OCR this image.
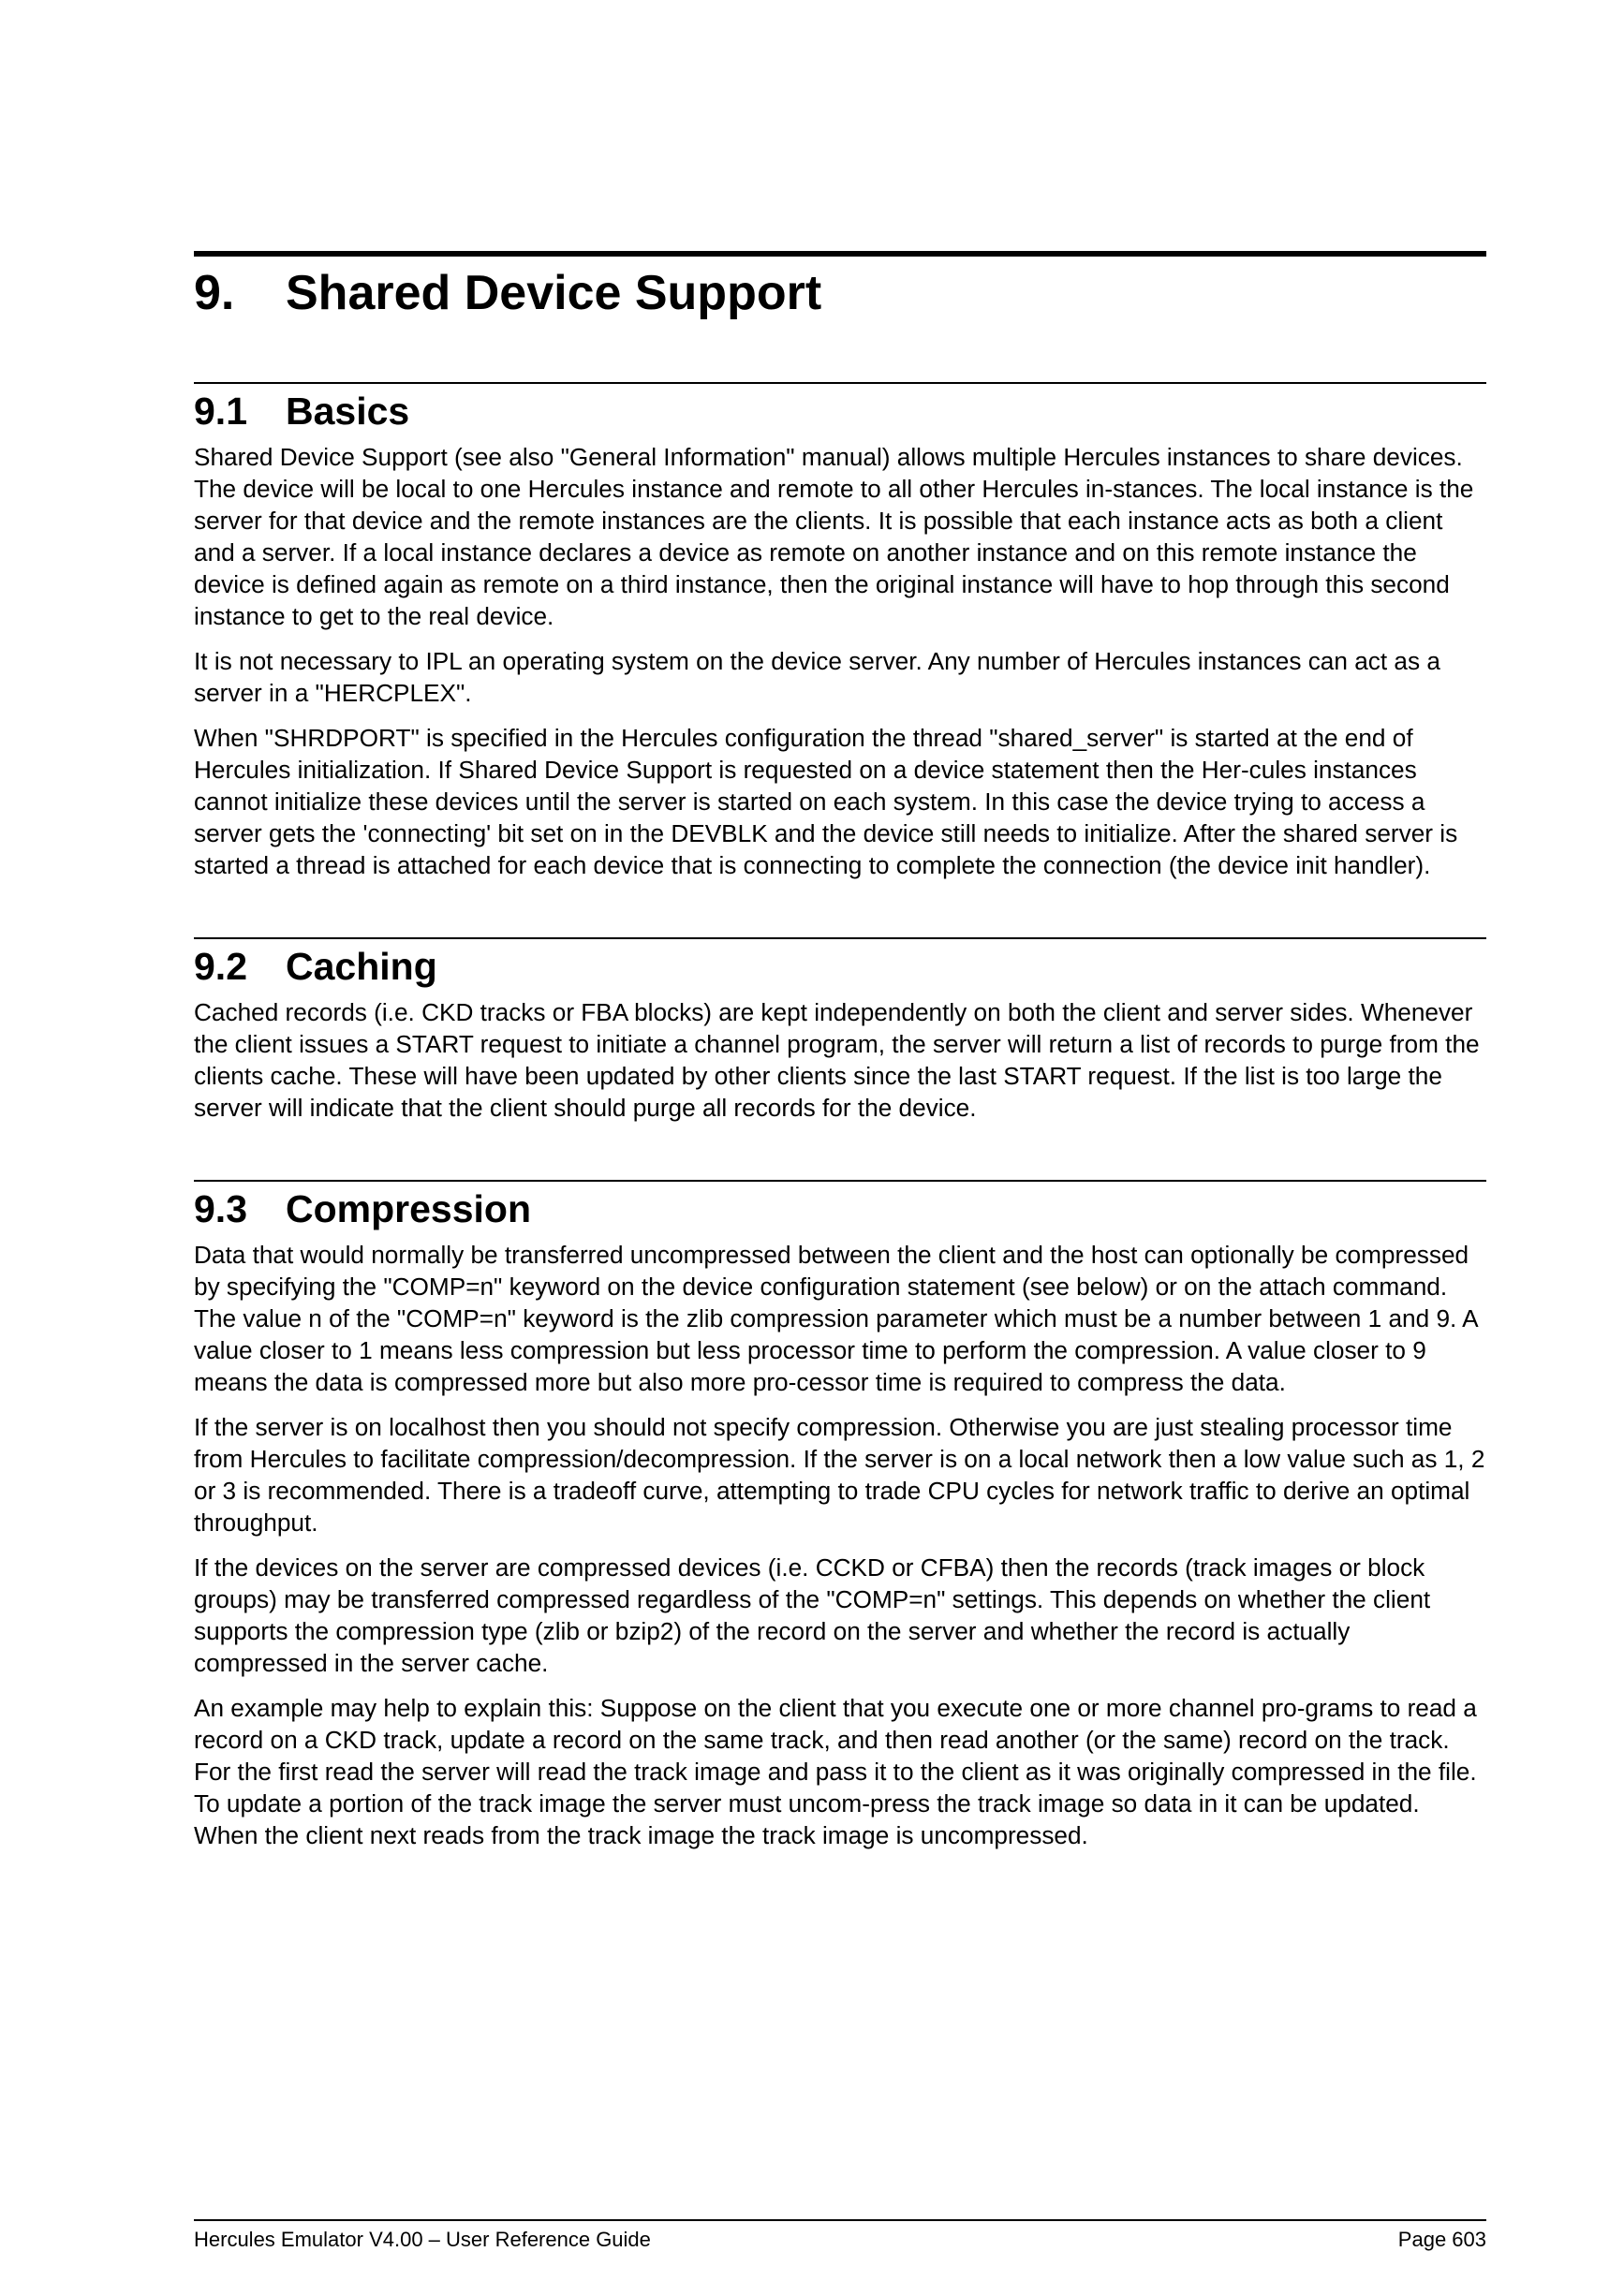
9.	Shared Device Support
9.1	Basics

Shared Device Support (see also "General Information" manual) allows multiple Hercules instances to share devices. The device will be local to one Hercules instance and remote to all other Hercules in-stances. The local instance is the server for that device and the remote instances are the clients. It is possible that each instance acts as both a client and a server. If a local instance declares a device as remote on another instance and on this remote instance the device is defined again as remote on a third instance, then the original instance will have to hop through this second instance to get to the real device.

It is not necessary to IPL an operating system on the device server. Any number of Hercules instances can act as a server in a "HERCPLEX".

When "SHRDPORT" is specified in the Hercules configuration the thread "shared_server" is started at the end of Hercules initialization. If Shared Device Support is requested on a device statement then the Her-cules instances cannot initialize these devices until the server is started on each system. In this case the device trying to access a server gets the 'connecting' bit set on in the DEVBLK and the device still needs to initialize. After the shared server is started a thread is attached for each device that is connecting to complete the connection (the device init handler).

9.2	Caching

Cached records (i.e. CKD tracks or FBA blocks) are kept independently on both the client and server sides. Whenever the client issues a START request to initiate a channel program, the server will return a list of records to purge from the clients cache. These will have been updated by other clients since the last START request. If the list is too large the server will indicate that the client should purge all records for the device.

9.3	Compression

Data that would normally be transferred uncompressed between the client and the host can optionally be compressed by specifying the "COMP=n" keyword on the device configuration statement (see below) or on the attach command. The value n of the "COMP=n" keyword is the zlib compression parameter which must be a number between 1 and 9. A value closer to 1 means less compression but less processor time to perform the compression. A value closer to 9 means the data is compressed more but also more pro-cessor time is required to compress the data.

If the server is on localhost then you should not specify compression. Otherwise you are just stealing processor time from Hercules to facilitate compression/decompression. If the server is on a local network then a low value such as 1, 2 or 3 is recommended. There is a tradeoff curve, attempting to trade CPU cycles for network traffic to derive an optimal throughput.

If the devices on the server are compressed devices (i.e. CCKD or CFBA) then the records (track images or block groups) may be transferred compressed regardless of the "COMP=n" settings. This depends on whether the client supports the compression type (zlib or bzip2) of the record on the server and whether the record is actually compressed in the server cache.

An example may help to explain this: Suppose on the client that you execute one or more channel pro-grams to read a record on a CKD track, update a record on the same track, and then read another (or the same) record on the track. For the first read the server will read the track image and pass it to the client as it was originally compressed in the file. To update a portion of the track image the server must uncom-press the track image so data in it can be updated. When the client next reads from the track image the track image is uncompressed.

Hercules Emulator V4.00 – User Reference Guide	Page 603
